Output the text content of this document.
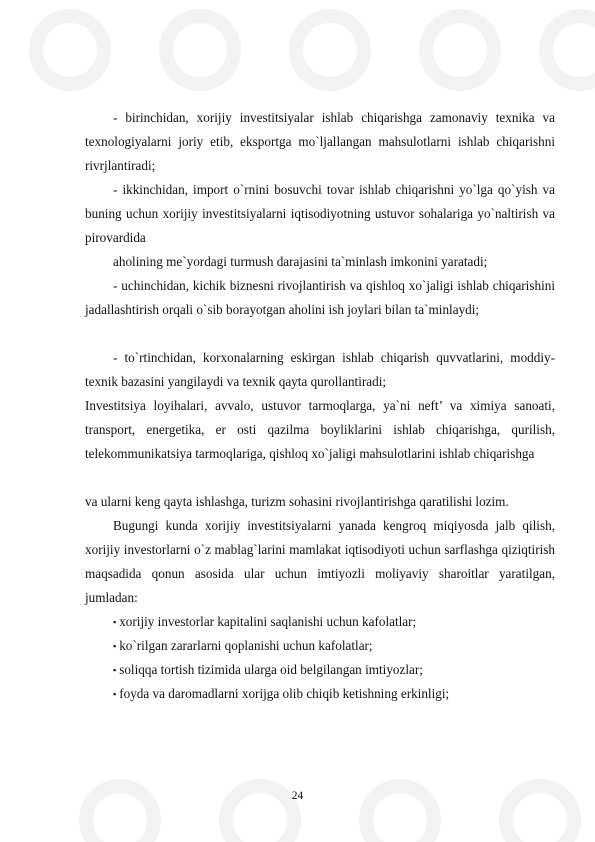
- birinchidan, xorijiy investitsiyalar ishlab chiqarishga zamonaviy texnika va texnologiyalarni joriy etib, eksportga mo`ljallangan mahsulotlarni ishlab chiqarishni rivrjlantiradi;

- ikkinchidan, import o`rnini bosuvchi tovar ishlab chiqarishni yo`lga qo`yish va buning uchun xorijiy investitsiyalarni iqtisodiyotning ustuvor sohalariga yo`naltirish va pirovardida

aholining me`yordagi turmush darajasini ta`minlash imkonini yaratadi;

- uchinchidan, kichik biznesni rivojlantirish va qishloq xo`jaligi ishlab chiqarishini jadallashtirish orqali o`sib borayotgan aholini ish joylari bilan ta`minlaydi;

- to`rtinchidan, korxonalarning eskirgan ishlab chiqarish quvvatlarini, moddiy-texnik bazasini yangilaydi va texnik qayta qurollantiradi;

Investitsiya loyihalari, avvalo, ustuvor tarmoqlarga, ya`ni neft’ va ximiya sanoati, transport, energetika, er osti qazilma boyliklarini ishlab chiqarishga, qurilish, telekommunikatsiya tarmoqlariga, qishloq xo`jaligi mahsulotlarini ishlab chiqarishga

va ularni keng qayta ishlashga, turizm sohasini rivojlantirishga qaratilishi lozim.

Bugungi kunda xorijiy investitsiyalarni yanada kengroq miqiyosda jalb qilish, xorijiy investorlarni o`z mablag`larini mamlakat iqtisodiyoti uchun sarflashga qiziqtirish maqsadida qonun asosida ular uchun imtiyozli moliyaviy sharoitlar yaratilgan, jumladan:

▪ xorijiy investorlar kapitalini saqlanishi uchun kafolatlar;
▪ ko`rilgan zararlarni qoplanishi uchun kafolatlar;
▪ soliqqa tortish tizimida ularga oid belgilangan imtiyozlar;
▪ foyda va daromadlarni xorijga olib chiqib ketishning erkinligi;
24
